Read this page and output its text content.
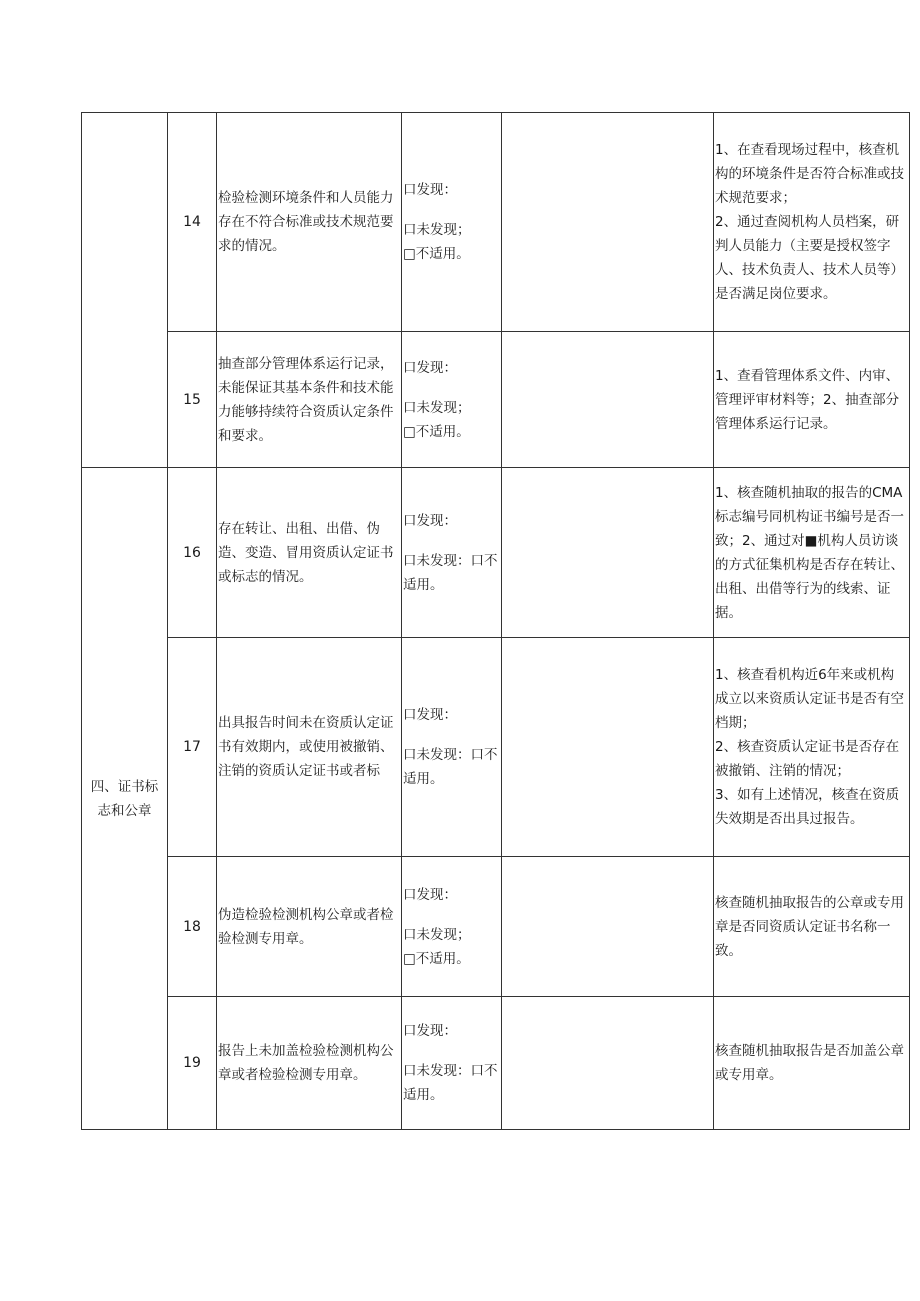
	14	检验检测环境条件和人员能力存在不符合标准或技术规范要求的情况。	口发现：
口未发现；
□不适用。		1、在查看现场过程中，核查机构的环境条件是否符合标准或技术规范要求；
2、通过查阅机构人员档案，研判人员能力（主要是授权签字人、技术负责人、技术人员等）是否满足岗位要求。
	15	抽查部分管理体系运行记录，未能保证其基本条件和技术能力能够持续符合资质认定条件和要求。	口发现：
口未发现；
□不适用。		1、查看管理体系文件、内审、管理评审材料等；2、抽查部分管理体系运行记录。
四、证书标志和公章	16	存在转让、出租、出借、伪造、变造、冒用资质认定证书或标志的情况。	口发现：
口未发现：口不适用。		1、核查随机抽取的报告的CMA标志编号同机构证书编号是否一致；2、通过对■机构人员访谈的方式征集机构是否存在转让、出租、出借等行为的线索、证据。
	17	出具报告时间未在资质认定证书有效期内，或使用被撤销、注销的资质认定证书或者标	口发现：
口未发现：口不适用。		1、核查看机构近6年来或机构成立以来资质认定证书是否有空档期；
2、核查资质认定证书是否存在被撤销、注销的情况；
3、如有上述情况，核查在资质失效期是否出具过报告。
	18	伪造检验检测机构公章或者检验检测专用章。	口发现：
口未发现；
□不适用。		核查随机抽取报告的公章或专用章是否同资质认定证书名称一致。
	19	报告上未加盖检验检测机构公章或者检验检测专用章。	口发现：
口未发现：口不适用。		核查随机抽取报告是否加盖公章或专用章。
